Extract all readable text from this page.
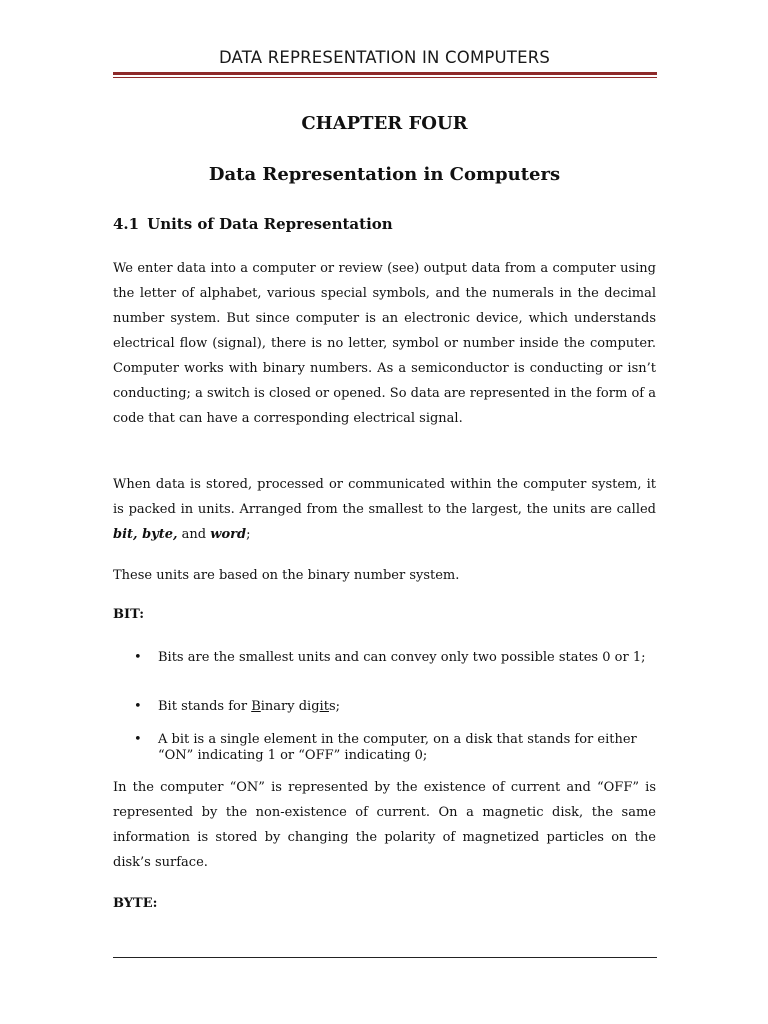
DATA REPRESENTATION IN COMPUTERS
CHAPTER FOUR
Data Representation in Computers
4.1 Units of Data Representation

We enter data into a computer or review (see) output data from a computer using the letter of alphabet, various special symbols, and the numerals in the decimal number system. But since computer is an electronic device, which understands electrical flow (signal), there is no letter, symbol or number inside the computer. Computer works with binary numbers. As a semiconductor is conducting or isn’t conducting; a switch is closed or opened. So data are represented in the form of a code that can have a corresponding electrical signal.

When data is stored, processed or communicated within the computer system, it is packed in units. Arranged from the smallest to the largest, the units are called bit, byte, and word;

These units are based on the binary number system.

BIT:
• Bits are the smallest units and can convey only two possible states 0 or 1;
• Bit stands for Binary digits;
• A bit is a single element in the computer, on a disk that stands for either “ON” indicating 1 or “OFF” indicating 0;

In the computer “ON” is represented by the existence of current and “OFF” is represented by the non-existence of current. On a magnetic disk, the same information is stored by changing the polarity of magnetized particles on the disk’s surface.

BYTE:
